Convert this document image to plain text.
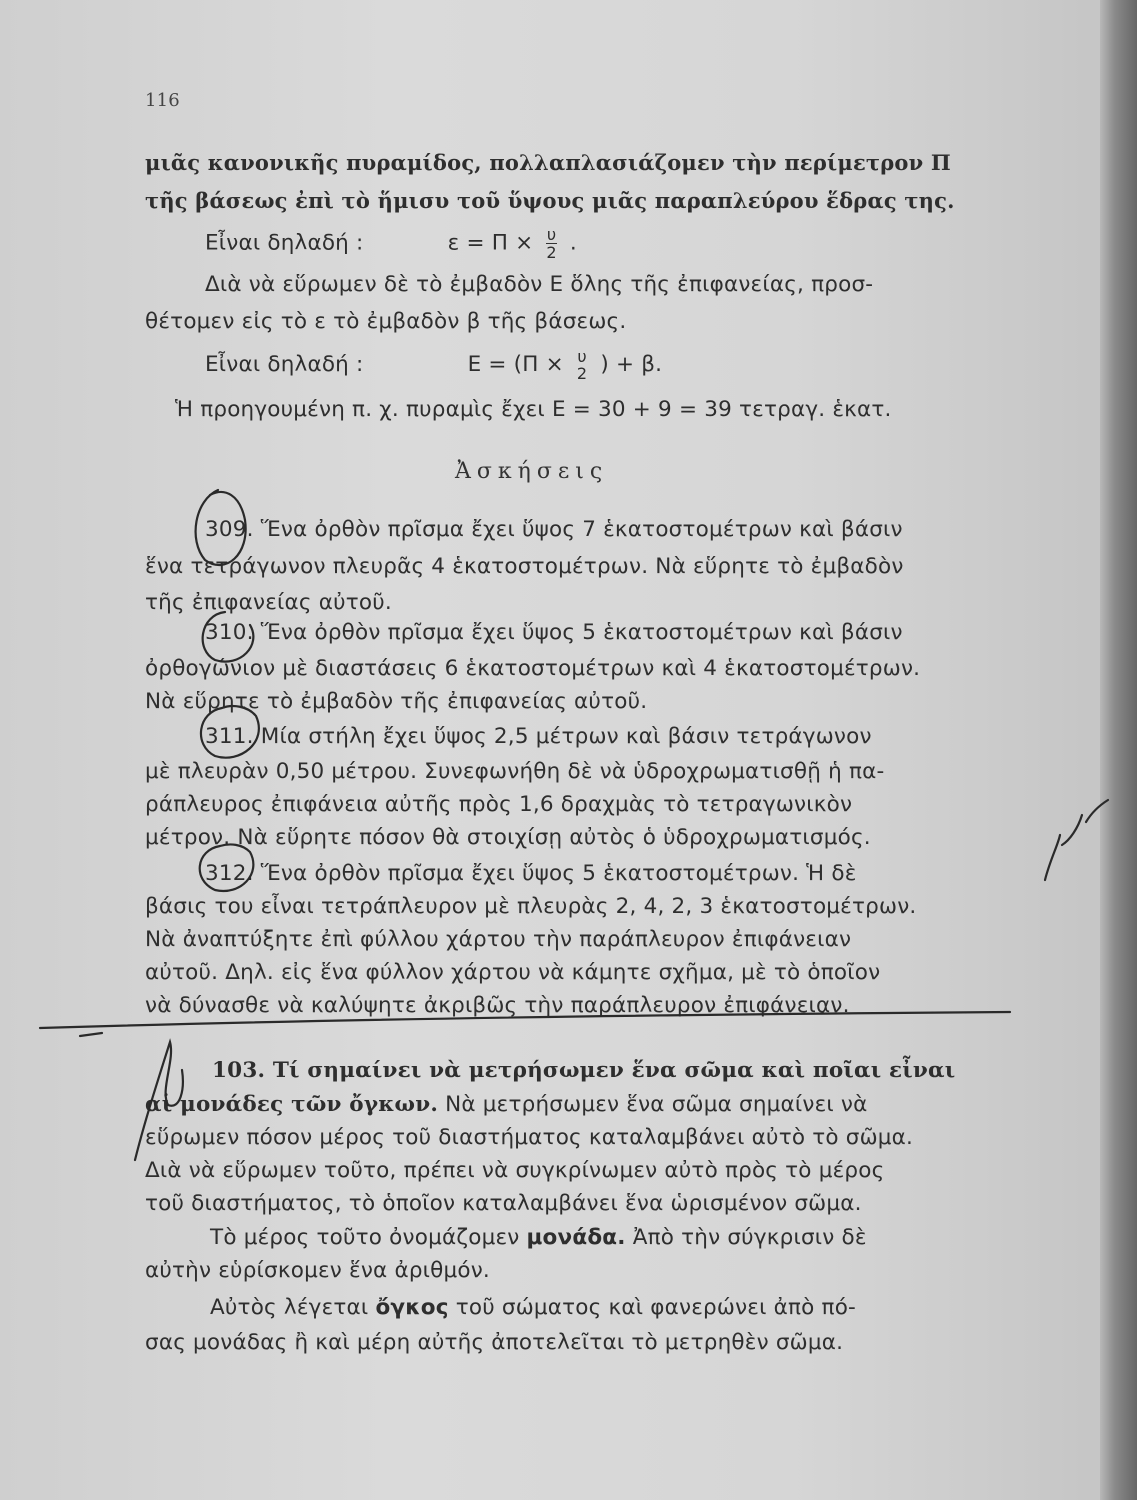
116
μιᾶς κανονικῆς πυραμίδος, πολλαπλασιάζομεν τὴν περίμετρον Π
τῆς βάσεως ἐπὶ τὸ ἥμισυ τοῦ ὕψους μιᾶς παραπλεύρου ἕδρας της.
Εἶναι δηλαδή :	$\varepsilon = \Pi \times \frac{\upsilon}{2}$ .
Διὰ νὰ εὕρωμεν δὲ τὸ ἐμβαδὸν Ε ὅλης τῆς ἐπιφανείας, προσ-
θέτομεν εἰς τὸ ε τὸ ἐμβαδὸν β τῆς βάσεως.
Εἶναι δηλαδή :	Ε = (Π × υ
2 ) + β.
Ἡ προηγουμένη π. χ. πυραμὶς ἔχει Ε = 30 + 9 = 39 τετραγ. ἑκατ.
Ἀσκήσεις
309. Ἕνα ὀρθὸν πρῖσμα ἔχει ὕψος 7 ἑκατοστομέτρων καὶ βάσιν
ἕνα τετράγωνον πλευρᾶς 4 ἑκατοστομέτρων. Νὰ εὕρητε τὸ ἐμβαδὸν
τῆς ἐπιφανείας αὐτοῦ.
310. Ἕνα ὀρθὸν πρῖσμα ἔχει ὕψος 5 ἑκατοστομέτρων καὶ βάσιν
ὀρθογώνιον μὲ διαστάσεις 6 ἑκατοστομέτρων καὶ 4 ἑκατοστομέτρων.
Νὰ εὕρητε τὸ ἐμβαδὸν τῆς ἐπιφανείας αὐτοῦ.
311. Μία στήλη ἔχει ὕψος 2,5 μέτρων καὶ βάσιν τετράγωνον
μὲ πλευρὰν 0,50 μέτρου. Συνεφωνήθη δὲ νὰ ὑδροχρωματισθῇ ἡ πα-
ράπλευρος ἐπιφάνεια αὐτῆς πρὸς 1,6 δραχμὰς τὸ τετραγωνικὸν
μέτρον. Νὰ εὕρητε πόσον θὰ στοιχίσῃ αὐτὸς ὁ ὑδροχρωματισμός.
312. Ἕνα ὀρθὸν πρῖσμα ἔχει ὕψος 5 ἑκατοστομέτρων. Ἡ δὲ
βάσις του εἶναι τετράπλευρον μὲ πλευρὰς 2, 4, 2, 3 ἑκατοστομέτρων.
Νὰ ἀναπτύξητε ἐπὶ φύλλου χάρτου τὴν παράπλευρον ἐπιφάνειαν
αὐτοῦ. Δηλ. εἰς ἕνα φύλλον χάρτου νὰ κάμητε σχῆμα, μὲ τὸ ὁποῖον
νὰ δύνασθε νὰ καλύψητε ἀκριβῶς τὴν παράπλευρον ἐπιφάνειαν.
103. Τί σημαίνει νὰ μετρήσωμεν ἕνα σῶμα καὶ ποῖαι εἶναι
αἱ μονάδες τῶν ὄγκων. Νὰ μετρήσωμεν ἕνα σῶμα σημαίνει νὰ
εὕρωμεν πόσον μέρος τοῦ διαστήματος καταλαμβάνει αὐτὸ τὸ σῶμα.
Διὰ νὰ εὕρωμεν τοῦτο, πρέπει νὰ συγκρίνωμεν αὐτὸ πρὸς τὸ μέρος
τοῦ διαστήματος, τὸ ὁποῖον καταλαμβάνει ἕνα ὡρισμένον σῶμα.
Τὸ μέρος τοῦτο ὀνομάζομεν μονάδα. Ἀπὸ τὴν σύγκρισιν δὲ
αὐτὴν εὑρίσκομεν ἕνα ἀριθμόν.
Αὐτὸς λέγεται ὄγκος τοῦ σώματος καὶ φανερώνει ἀπὸ πό-
σας μονάδας ἢ καὶ μέρη αὐτῆς ἀποτελεῖται τὸ μετρηθὲν σῶμα.
